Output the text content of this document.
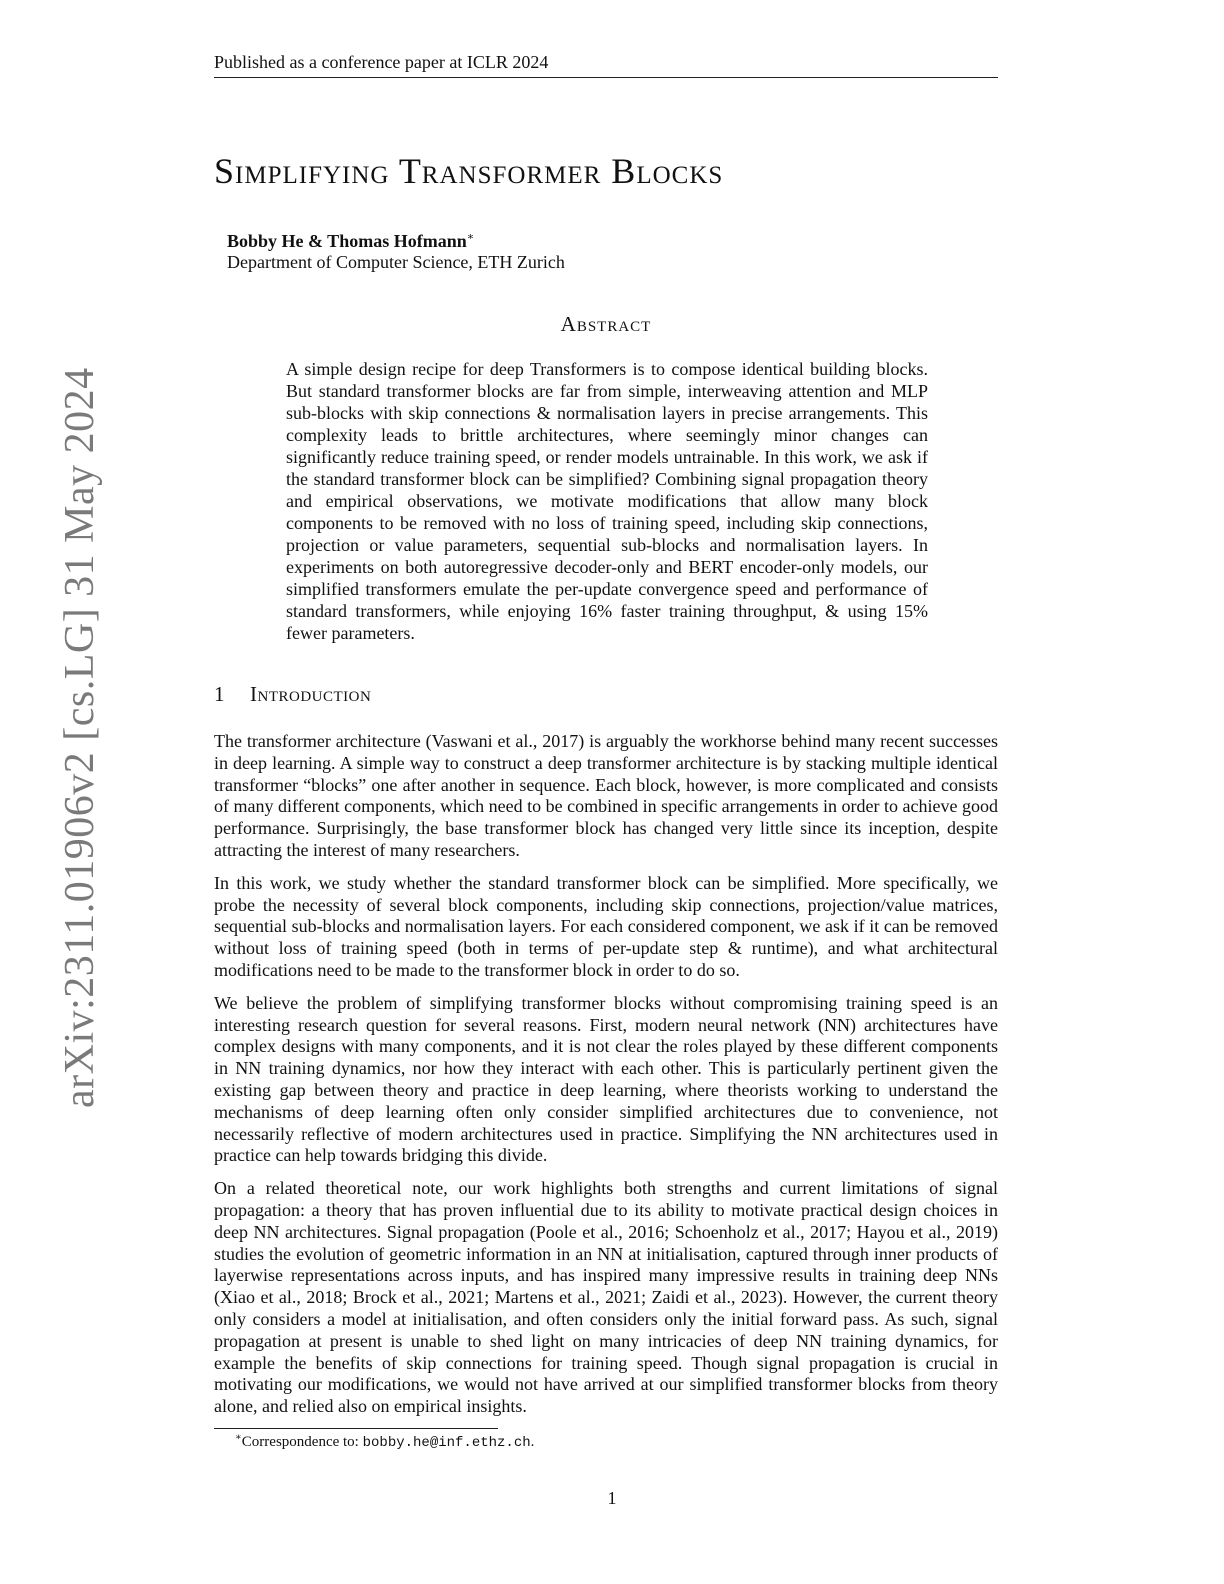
Published as a conference paper at ICLR 2024
arXiv:2311.01906v2 [cs.LG] 31 May 2024
Simplifying Transformer Blocks
Bobby He & Thomas Hofmann∗
Department of Computer Science, ETH Zurich
Abstract

A simple design recipe for deep Transformers is to compose identical building blocks. But standard transformer blocks are far from simple, interweaving attention and MLP sub-blocks with skip connections & normalisation layers in precise arrangements. This complexity leads to brittle architectures, where seemingly minor changes can significantly reduce training speed, or render models untrainable. In this work, we ask if the standard transformer block can be simplified? Combining signal propagation theory and empirical observations, we motivate modifications that allow many block components to be removed with no loss of training speed, including skip connections, projection or value parameters, sequential sub-blocks and normalisation layers. In experiments on both autoregressive decoder-only and BERT encoder-only models, our simplified transformers emulate the per-update convergence speed and performance of standard transformers, while enjoying 16% faster training throughput, & using 15% fewer parameters.

1 Introduction

The transformer architecture (Vaswani et al., 2017) is arguably the workhorse behind many recent successes in deep learning. A simple way to construct a deep transformer architecture is by stacking multiple identical transformer “blocks” one after another in sequence. Each block, however, is more complicated and consists of many different components, which need to be combined in specific arrangements in order to achieve good performance. Surprisingly, the base transformer block has changed very little since its inception, despite attracting the interest of many researchers.

In this work, we study whether the standard transformer block can be simplified. More specifically, we probe the necessity of several block components, including skip connections, projection/value matrices, sequential sub-blocks and normalisation layers. For each considered component, we ask if it can be removed without loss of training speed (both in terms of per-update step & runtime), and what architectural modifications need to be made to the transformer block in order to do so.

We believe the problem of simplifying transformer blocks without compromising training speed is an interesting research question for several reasons. First, modern neural network (NN) architectures have complex designs with many components, and it is not clear the roles played by these different components in NN training dynamics, nor how they interact with each other. This is particularly pertinent given the existing gap between theory and practice in deep learning, where theorists working to understand the mechanisms of deep learning often only consider simplified architectures due to convenience, not necessarily reflective of modern architectures used in practice. Simplifying the NN architectures used in practice can help towards bridging this divide.

On a related theoretical note, our work highlights both strengths and current limitations of signal propagation: a theory that has proven influential due to its ability to motivate practical design choices in deep NN architectures. Signal propagation (Poole et al., 2016; Schoenholz et al., 2017; Hayou et al., 2019) studies the evolution of geometric information in an NN at initialisation, captured through inner products of layerwise representations across inputs, and has inspired many impressive results in training deep NNs (Xiao et al., 2018; Brock et al., 2021; Martens et al., 2021; Zaidi et al., 2023). However, the current theory only considers a model at initialisation, and often considers only the initial forward pass. As such, signal propagation at present is unable to shed light on many intricacies of deep NN training dynamics, for example the benefits of skip connections for training speed. Though signal propagation is crucial in motivating our modifications, we would not have arrived at our simplified transformer blocks from theory alone, and relied also on empirical insights.

∗Correspondence to: bobby.he@inf.ethz.ch.
1
